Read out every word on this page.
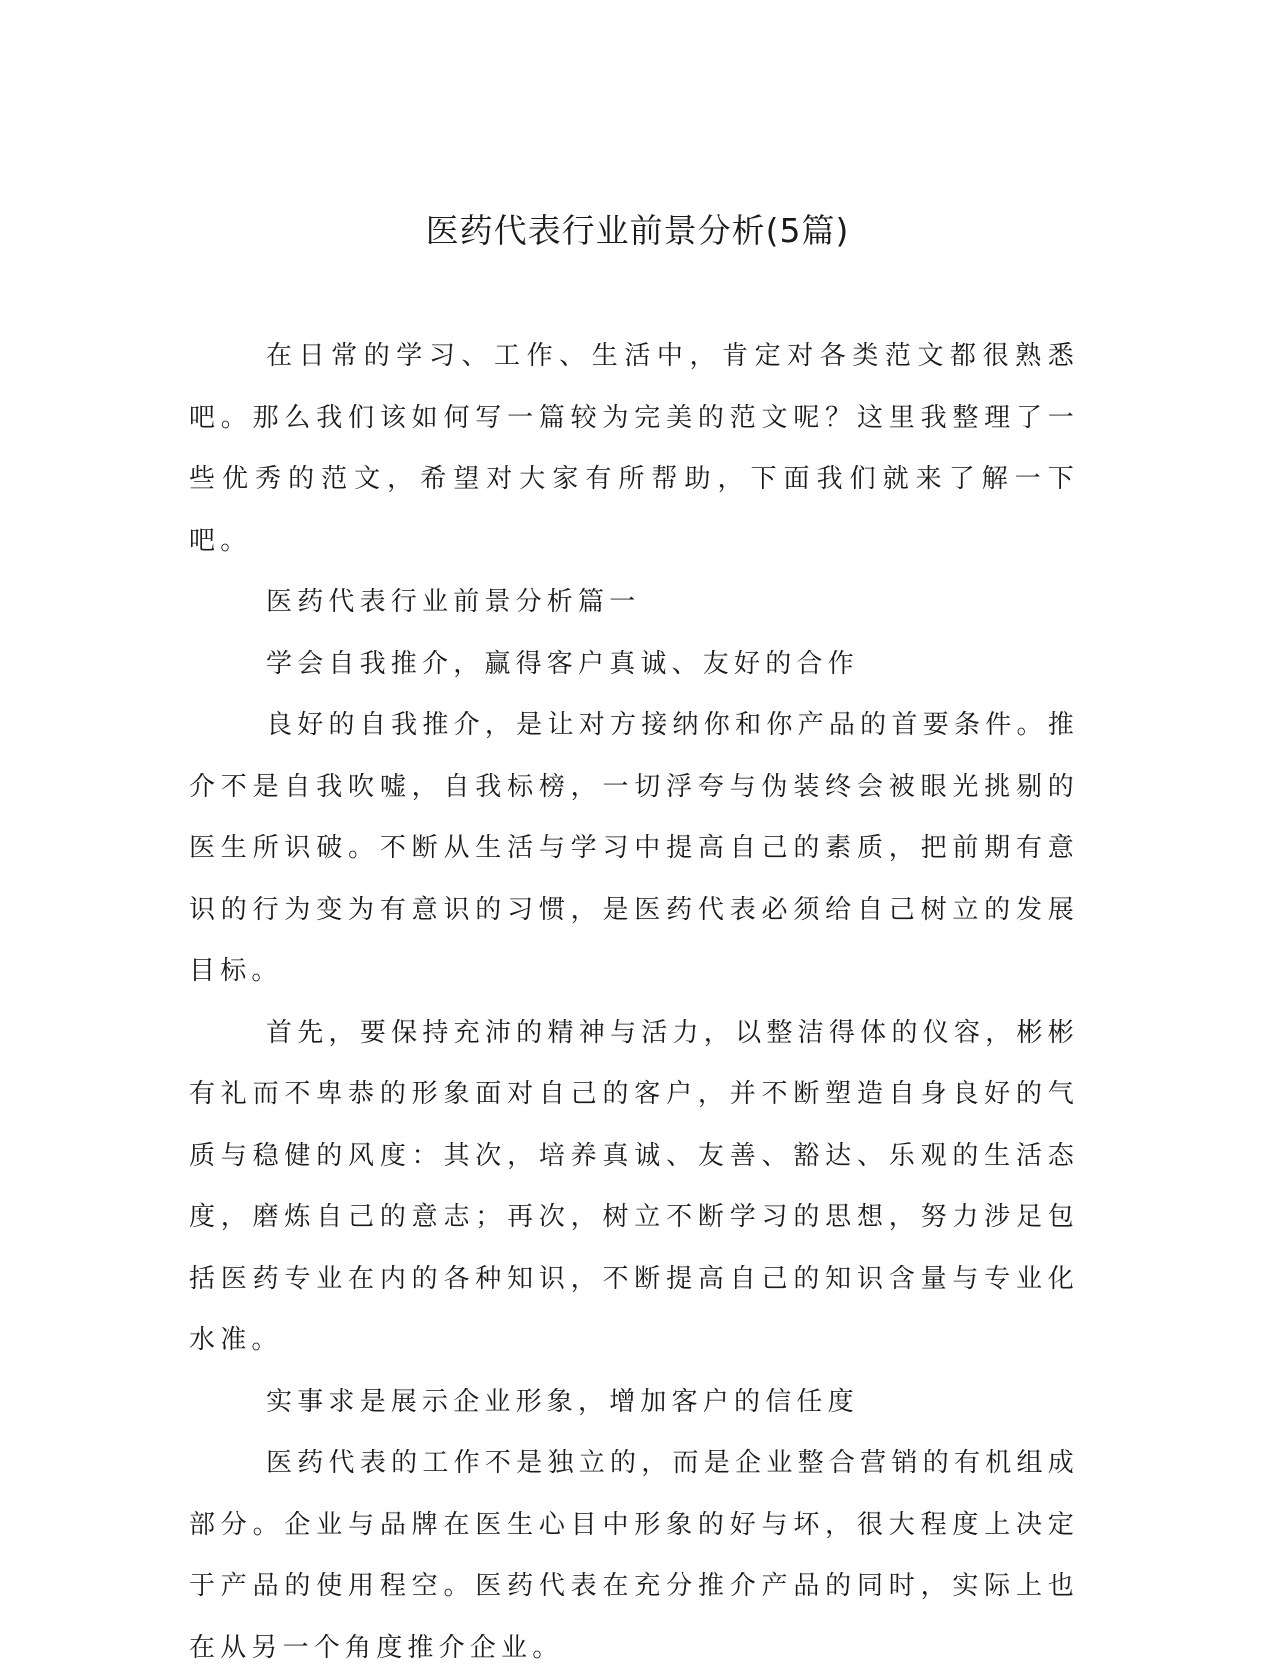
医药代表行业前景分析(5篇)

在日常的学习、工作、生活中，肯定对各类范文都很熟悉吧。那么我们该如何写一篇较为完美的范文呢？这里我整理了一些优秀的范文，希望对大家有所帮助，下面我们就来了解一下吧。

医药代表行业前景分析篇一

学会自我推介，赢得客户真诚、友好的合作

良好的自我推介，是让对方接纳你和你产品的首要条件。推介不是自我吹嘘，自我标榜，一切浮夸与伪装终会被眼光挑剔的医生所识破。不断从生活与学习中提高自己的素质，把前期有意识的行为变为有意识的习惯，是医药代表必须给自己树立的发展目标。

首先，要保持充沛的精神与活力，以整洁得体的仪容，彬彬有礼而不卑恭的形象面对自己的客户，并不断塑造自身良好的气质与稳健的风度：其次，培养真诚、友善、豁达、乐观的生活态度，磨炼自己的意志；再次，树立不断学习的思想，努力涉足包括医药专业在内的各种知识，不断提高自己的知识含量与专业化水准。

实事求是展示企业形象，增加客户的信任度

医药代表的工作不是独立的，而是企业整合营销的有机组成部分。企业与品牌在医生心目中形象的好与坏，很大程度上决定于产品的使用程空。医药代表在充分推介产品的同时，实际上也在从另一个角度推介企业。
